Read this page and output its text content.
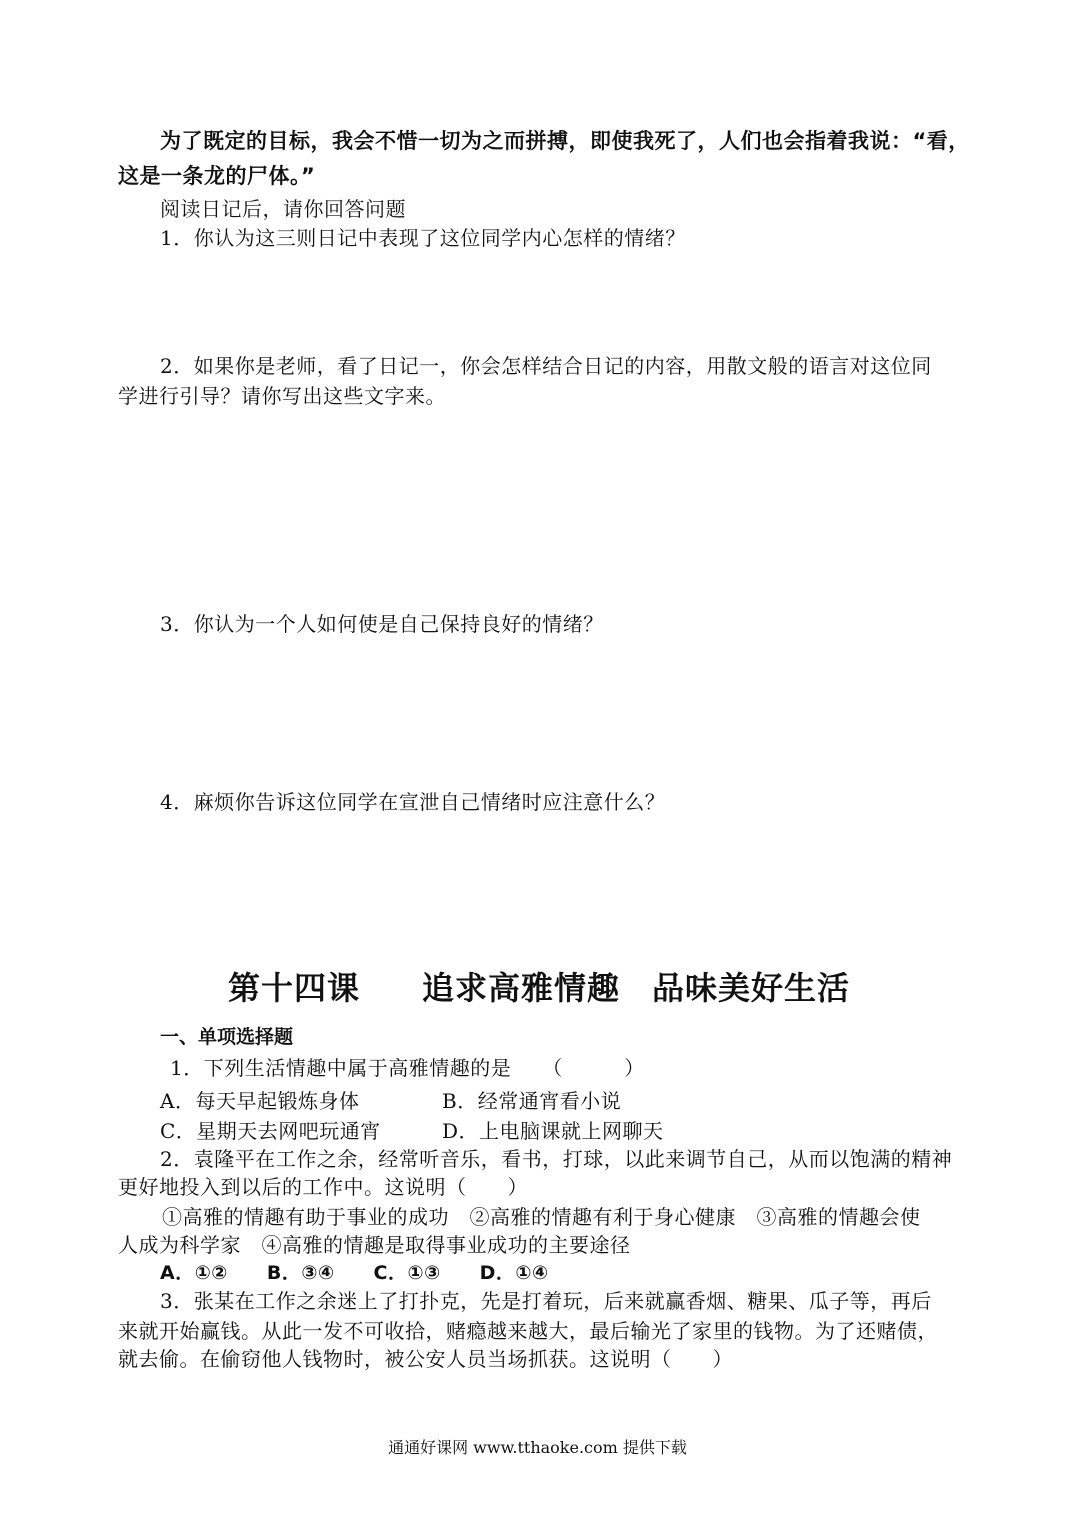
为了既定的目标，我会不惜一切为之而拼搏，即使我死了，人们也会指着我说：“看，
这是一条龙的尸体。”
阅读日记后，请你回答问题
1．你认为这三则日记中表现了这位同学内心怎样的情绪？
2．如果你是老师，看了日记一，你会怎样结合日记的内容，用散文般的语言对这位同
学进行引导？请你写出这些文字来。
3．你认为一个人如何使是自己保持良好的情绪？
4．麻烦你告诉这位同学在宣泄自己情绪时应注意什么？
第十四课 追求高雅情趣 品味美好生活
一、单项选择题
1．下列生活情趣中属于高雅情趣的是　　（　　　）
A．每天早起锻炼身体	B．经常通宵看小说
C．星期天去网吧玩通宵	D．上电脑课就上网聊天
2．袁隆平在工作之余，经常听音乐，看书，打球，以此来调节自己，从而以饱满的精神
更好地投入到以后的工作中。这说明（　　）
①高雅的情趣有助于事业的成功　②高雅的情趣有利于身心健康　③高雅的情趣会使
人成为科学家　④高雅的情趣是取得事业成功的主要途径
A．①②　　B．③④　　C．①③　　D．①④
3．张某在工作之余迷上了打扑克，先是打着玩，后来就赢香烟、糖果、瓜子等，再后
来就开始赢钱。从此一发不可收拾，赌瘾越来越大，最后输光了家里的钱物。为了还赌债，
就去偷。在偷窃他人钱物时，被公安人员当场抓获。这说明（　　）
通通好课网 www.tthaoke.com 提供下载
